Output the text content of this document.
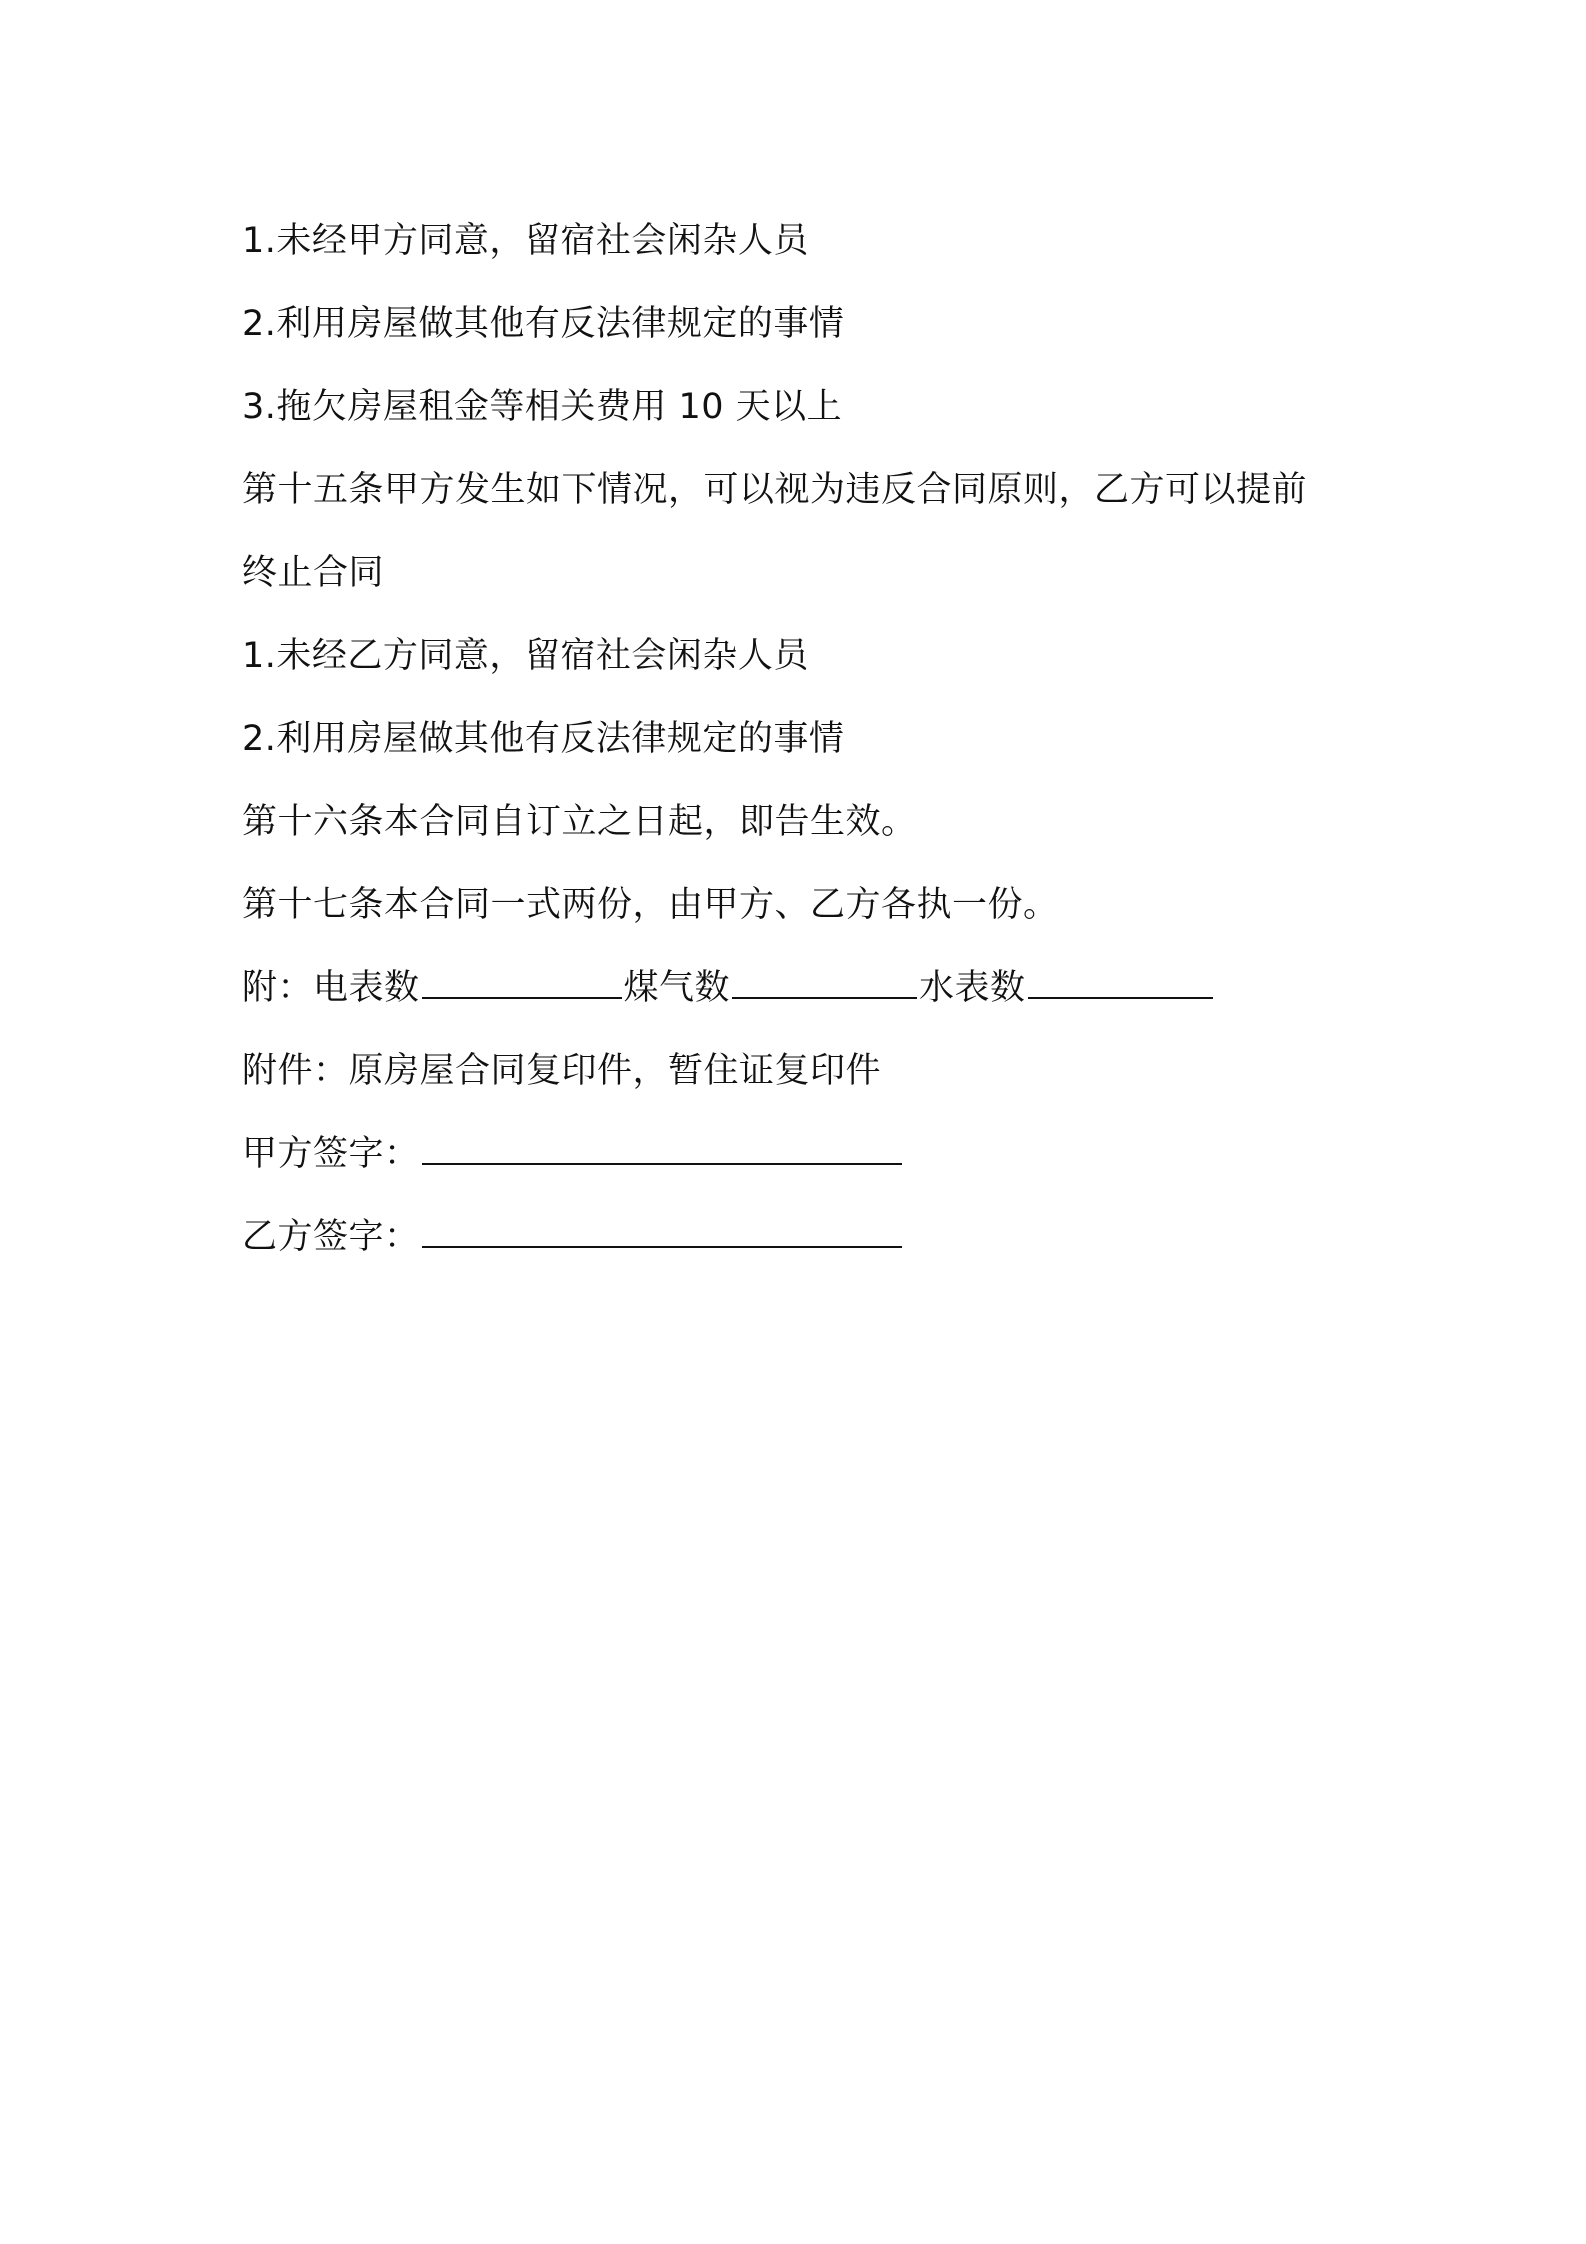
1.未经甲方同意，留宿社会闲杂人员
2.利用房屋做其他有反法律规定的事情
3.拖欠房屋租金等相关费用 10 天以上
第十五条甲方发生如下情况，可以视为违反合同原则，乙方可以提前
终止合同
1.未经乙方同意，留宿社会闲杂人员
2.利用房屋做其他有反法律规定的事情
第十六条本合同自订立之日起，即告生效。
第十七条本合同一式两份，由甲方、乙方各执一份。
附：电表数	煤气数	水表数
附件：原房屋合同复印件，暂住证复印件
甲方签字：
乙方签字：
